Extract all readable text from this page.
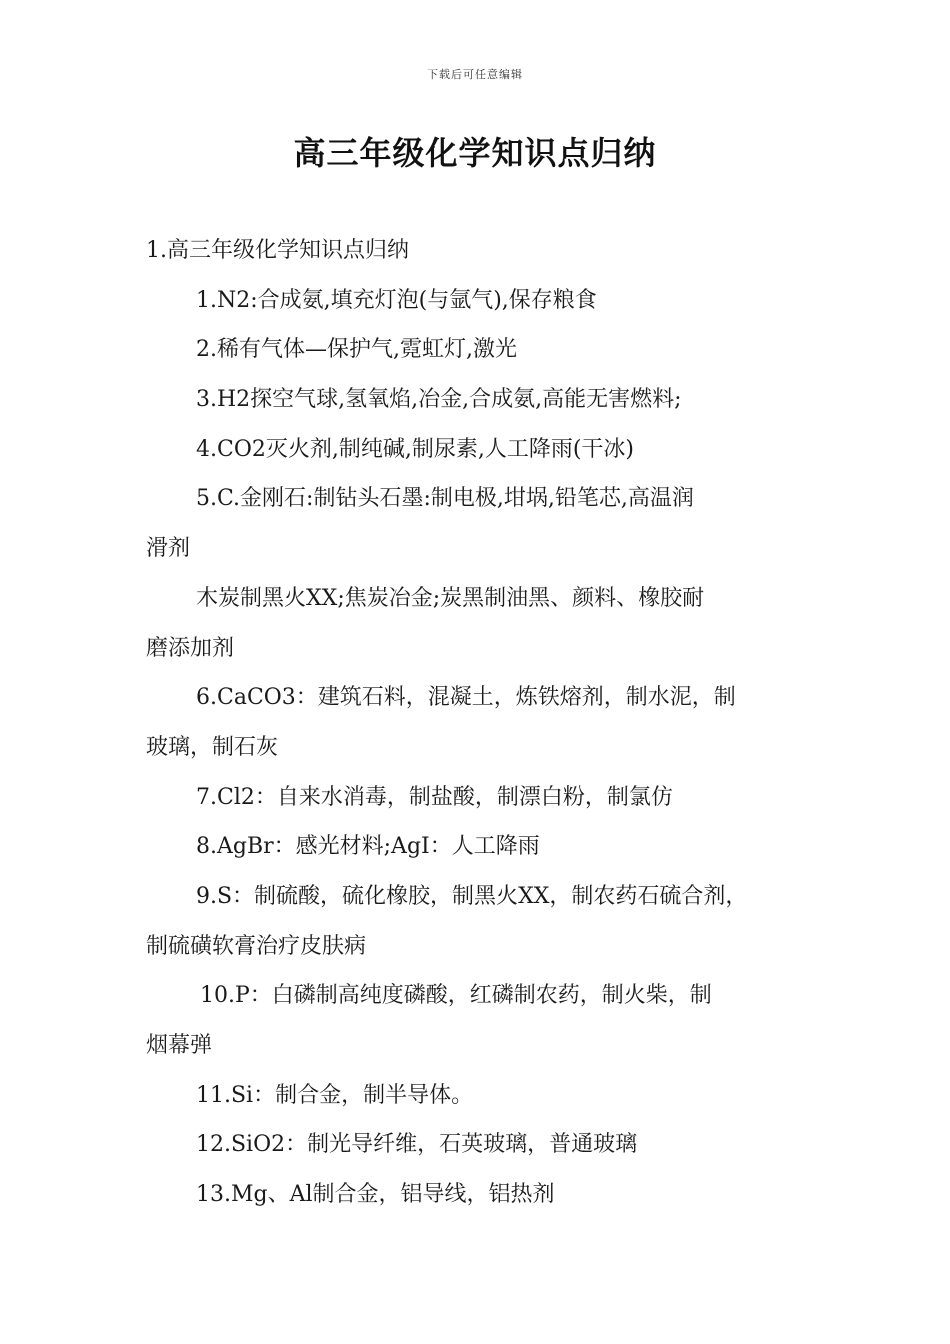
下载后可任意编辑
高三年级化学知识点归纳

1.高三年级化学知识点归纳

1.N2:合成氨,填充灯泡(与氩气),保存粮食

2.稀有气体—保护气,霓虹灯,激光

3.H2探空气球,氢氧焰,冶金,合成氨,高能无害燃料;

4.CO2灭火剂,制纯碱,制尿素,人工降雨(干冰)

5.C.金刚石:制钻头石墨:制电极,坩埚,铅笔芯,高温润

滑剂

木炭制黑火XX;焦炭冶金;炭黑制油黑、颜料、橡胶耐

磨添加剂

6.CaCO3：建筑石料，混凝土，炼铁熔剂，制水泥，制

玻璃，制石灰

7.Cl2：自来水消毒，制盐酸，制漂白粉，制氯仿

8.AgBr：感光材料;AgI：人工降雨

9.S：制硫酸，硫化橡胶，制黑火XX，制农药石硫合剂，

制硫磺软膏治疗皮肤病

10.P：白磷制高纯度磷酸，红磷制农药，制火柴，制

烟幕弹

11.Si：制合金，制半导体。

12.SiO2：制光导纤维，石英玻璃，普通玻璃

13.Mg、Al制合金，铝导线，铝热剂
